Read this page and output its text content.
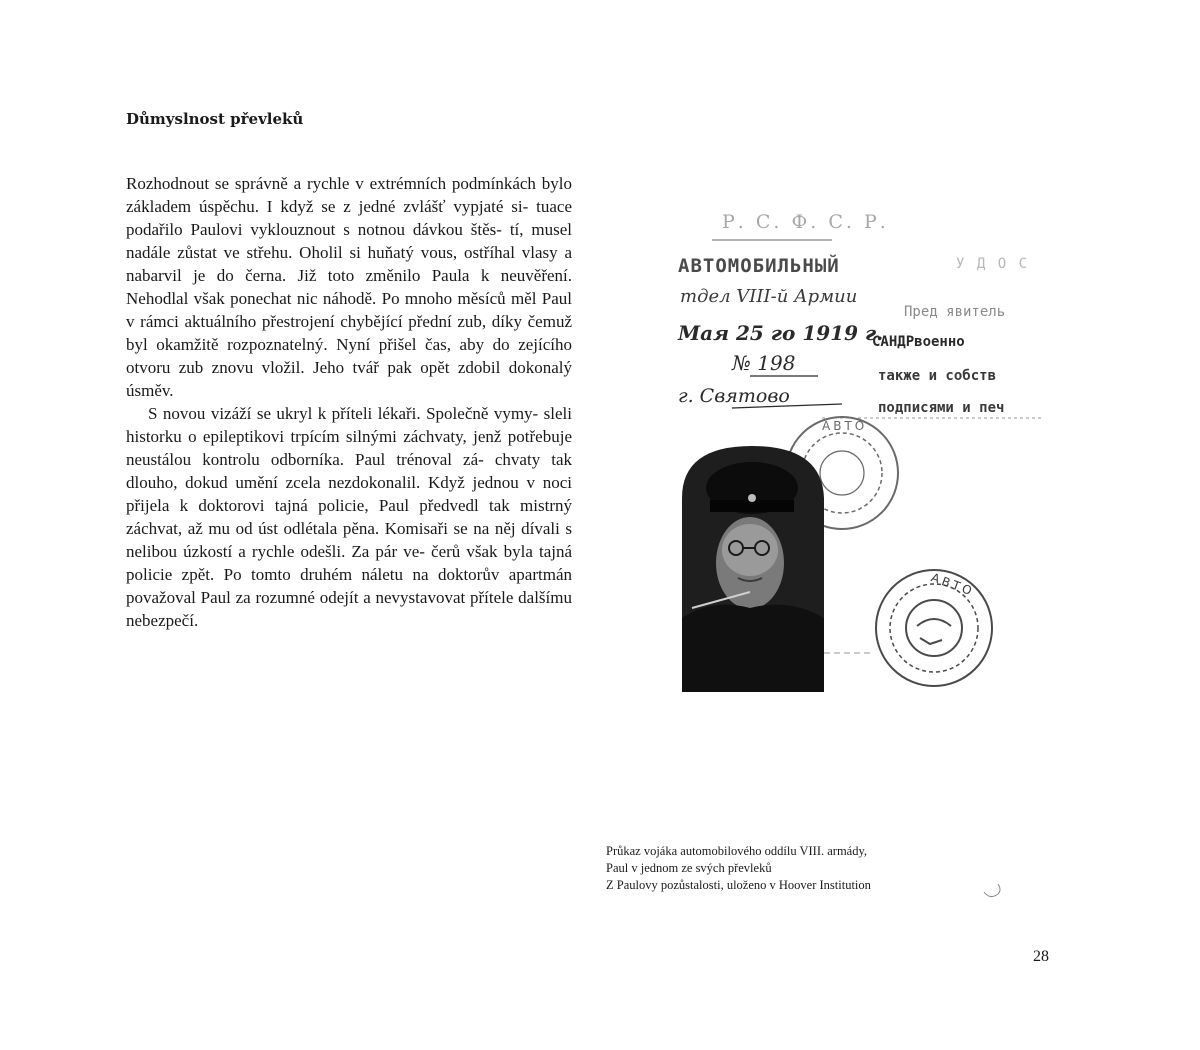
Důmyslnost převleků

Rozhodnout se správně a rychle v extrémních podmínkách bylo základem úspěchu. I když se z jedné zvlášť vypjaté si- tuace podařilo Paulovi vyklouznout s notnou dávkou štěs- tí, musel nadále zůstat ve střehu. Oholil si huňatý vous, ostříhal vlasy a nabarvil je do černa. Již toto změnilo Paula k neuvěření. Nehodlal však ponechat nic náhodě. Po mnoho měsíců měl Paul v rámci aktuálního přestrojení chybějící přední zub, díky čemuž byl okamžitě rozpoznatelný. Nyní přišel čas, aby do zejícího otvoru zub znovu vložil. Jeho tvář pak opět zdobil dokonalý úsměv.

S novou vizáží se ukryl k příteli lékaři. Společně vymy- sleli historku o epileptikovi trpícím silnými záchvaty, jenž potřebuje neustálou kontrolu odborníka. Paul trénoval zá- chvaty tak dlouho, dokud umění zcela nezdokonalil. Když jednou v noci přijela k doktorovi tajná policie, Paul předvedl tak mistrný záchvat, až mu od úst odlétala pěna. Komisaři se na něj dívali s nelibou úzkostí a rychle odešli. Za pár ve- čerů však byla tajná policie zpět. Po tomto druhém náletu na doktorův apartmán považoval Paul za rozumné odejít a nevystavovat přítele dalšímu nebezpečí.

Р. С. Ф. С. Р.
АВТОМОБИЛЬНЫЙ	У Д О С
тдел VIII-й Армии
Мая 25 го 1919 г.
№ 198
г. Святово
Пред явитель
САНДРвоенно
также и собств
подписями и печ
АВТО
АВТО
Průkaz vojáka automobilového oddílu VIII. armády,
Paul v jednom ze svých převleků
Z Paulovy pozůstalosti, uloženo v Hoover Institution
28
